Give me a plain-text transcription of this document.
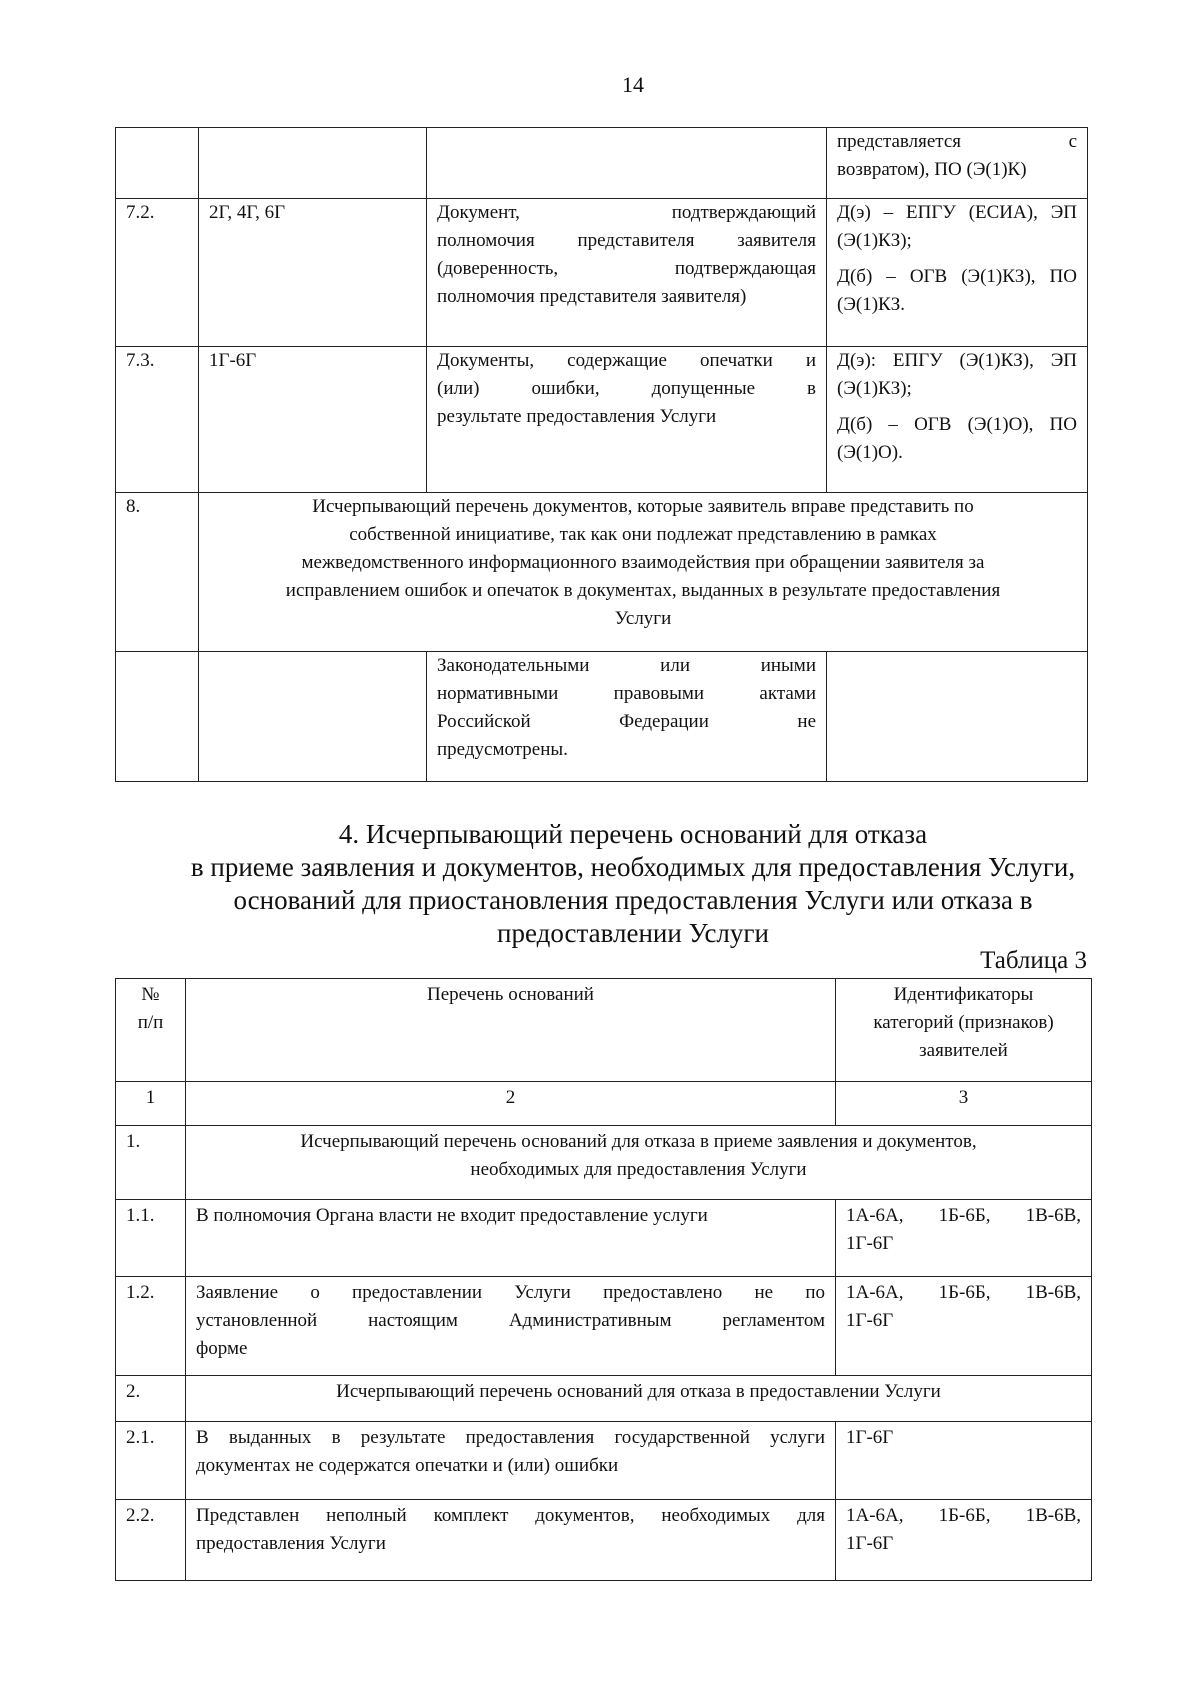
14

			представляется с
возвратом), ПО (Э(1)К)

7.2.	2Г, 4Г, 6Г	Документ, подтверждающий
полномочия представителя заявителя
(доверенность, подтверждающая
полномочия представителя заявителя)	Д(э) – ЕПГУ (ЕСИА), ЭП
(Э(1)КЗ);
Д(б) – ОГВ (Э(1)КЗ), ПО
(Э(1)КЗ.

7.3.	1Г-6Г	Документы, содержащие опечатки и
(или) ошибки, допущенные в
результате предоставления Услуги	Д(э): ЕПГУ (Э(1)КЗ), ЭП
(Э(1)КЗ);
Д(б) – ОГВ (Э(1)О), ПО
(Э(1)О).

8.	Исчерпывающий перечень документов, которые заявитель вправе представить по
собственной инициативе, так как они подлежат представлению в рамках
межведомственного информационного взаимодействия при обращении заявителя за
исправлением ошибок и опечаток в документах, выданных в результате предоставления
Услуги		

		Законодательными или иными
нормативными правовыми актами
Российской Федерации не
предусмотрены.	

4. Исчерпывающий перечень оснований для отказа
в приеме заявления и документов, необходимых для предоставления Услуги,
оснований для приостановления предоставления Услуги или отказа в
предоставлении Услуги
Таблица 3
№
п/п	Перечень оснований	Идентификаторы
категорий (признаков)
заявителей

1	2	3
1.	Исчерпывающий перечень оснований для отказа в приеме заявления и документов,
необходимых для предоставления Услуги	

1.1.	В полномочия Органа власти не входит предоставление услуги	1А-6А, 1Б-6Б, 1В-6В,
1Г-6Г

1.2.	Заявление о предоставлении Услуги предоставлено не по
установленной настоящим Административным регламентом
форме	1А-6А, 1Б-6Б, 1В-6В,
1Г-6Г

2.	Исчерпывающий перечень оснований для отказа в предоставлении Услуги	

2.1.	В выданных в результате предоставления государственной услуги
документах не содержатся опечатки и (или) ошибки	1Г-6Г

2.2.	Представлен неполный комплект документов, необходимых для
предоставления Услуги	1А-6А, 1Б-6Б, 1В-6В,
1Г-6Г
